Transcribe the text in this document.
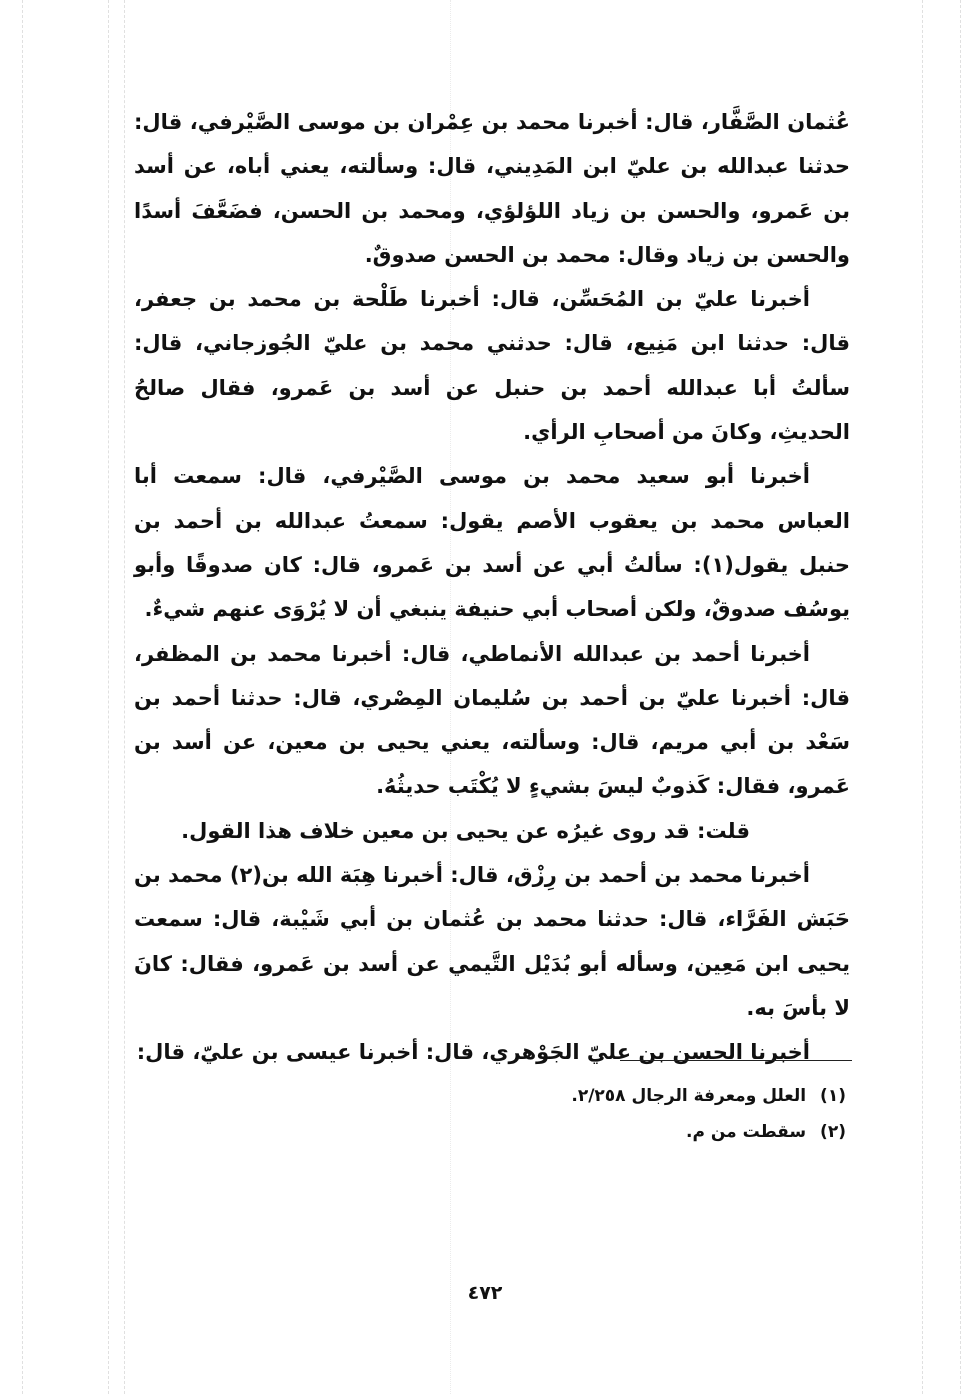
عُثمان الصَّفَّار، قال: أخبرنا محمد بن عِمْران بن موسى الصَّيْرفي، قال: حدثنا عبدالله بن عليّ ابن المَدِيني، قال: وسألته، يعني أباه، عن أسد بن عَمرو، والحسن بن زياد اللؤلؤي، ومحمد بن الحسن، فضَعَّفَ أسدًا والحسن بن زياد وقال: محمد بن الحسن صدوقٌ.

أخبرنا عليّ بن المُحَسِّن، قال: أخبرنا طَلْحة بن محمد بن جعفر، قال: حدثنا ابن مَنِيع، قال: حدثني محمد بن عليّ الجُوزجاني، قال: سألتُ أبا عبدالله أحمد بن حنبل عن أسد بن عَمرو، فقال صالحُ الحديثِ، وكانَ من أصحابِ الرأي.

أخبرنا أبو سعيد محمد بن موسى الصَّيْرفي، قال: سمعت أبا العباس محمد بن يعقوب الأصم يقول: سمعتُ عبدالله بن أحمد بن حنبل يقول(١): سألتُ أبي عن أسد بن عَمرو، قال: كان صدوقًا وأبو يوسُف صدوقٌ، ولكن أصحاب أبي حنيفة ينبغي أن لا يُرْوَى عنهم شيءٌ.

أخبرنا أحمد بن عبدالله الأنماطي، قال: أخبرنا محمد بن المظفر، قال: أخبرنا عليّ بن أحمد بن سُليمان المِصْري، قال: حدثنا أحمد بن سَعْد بن أبي مريم، قال: وسألته، يعني يحيى بن معين، عن أسد بن عَمرو، فقال: كَذوبٌ ليسَ بشيءٍ لا يُكْتَب حديثُهُ.

قلت: قد روى غيرُه عن يحيى بن معين خلاف هذا القول.

أخبرنا محمد بن أحمد بن رِزْق، قال: أخبرنا هِبَة الله بن(٢) محمد بن حَبَش الفَرَّاء، قال: حدثنا محمد بن عُثمان بن أبي شَيْبة، قال: سمعت يحيى ابن مَعِين، وسأله أبو بُدَيْل التَّيمي عن أسد بن عَمرو، فقال: كانَ لا بأسَ به.

أخبرنا الحسن بن عليّ الجَوْهري، قال: أخبرنا عيسى بن عليّ، قال:

(١) العلل ومعرفة الرجال ٢/٢٥٨.
(٢) سقطت من م.
٤٧٢
